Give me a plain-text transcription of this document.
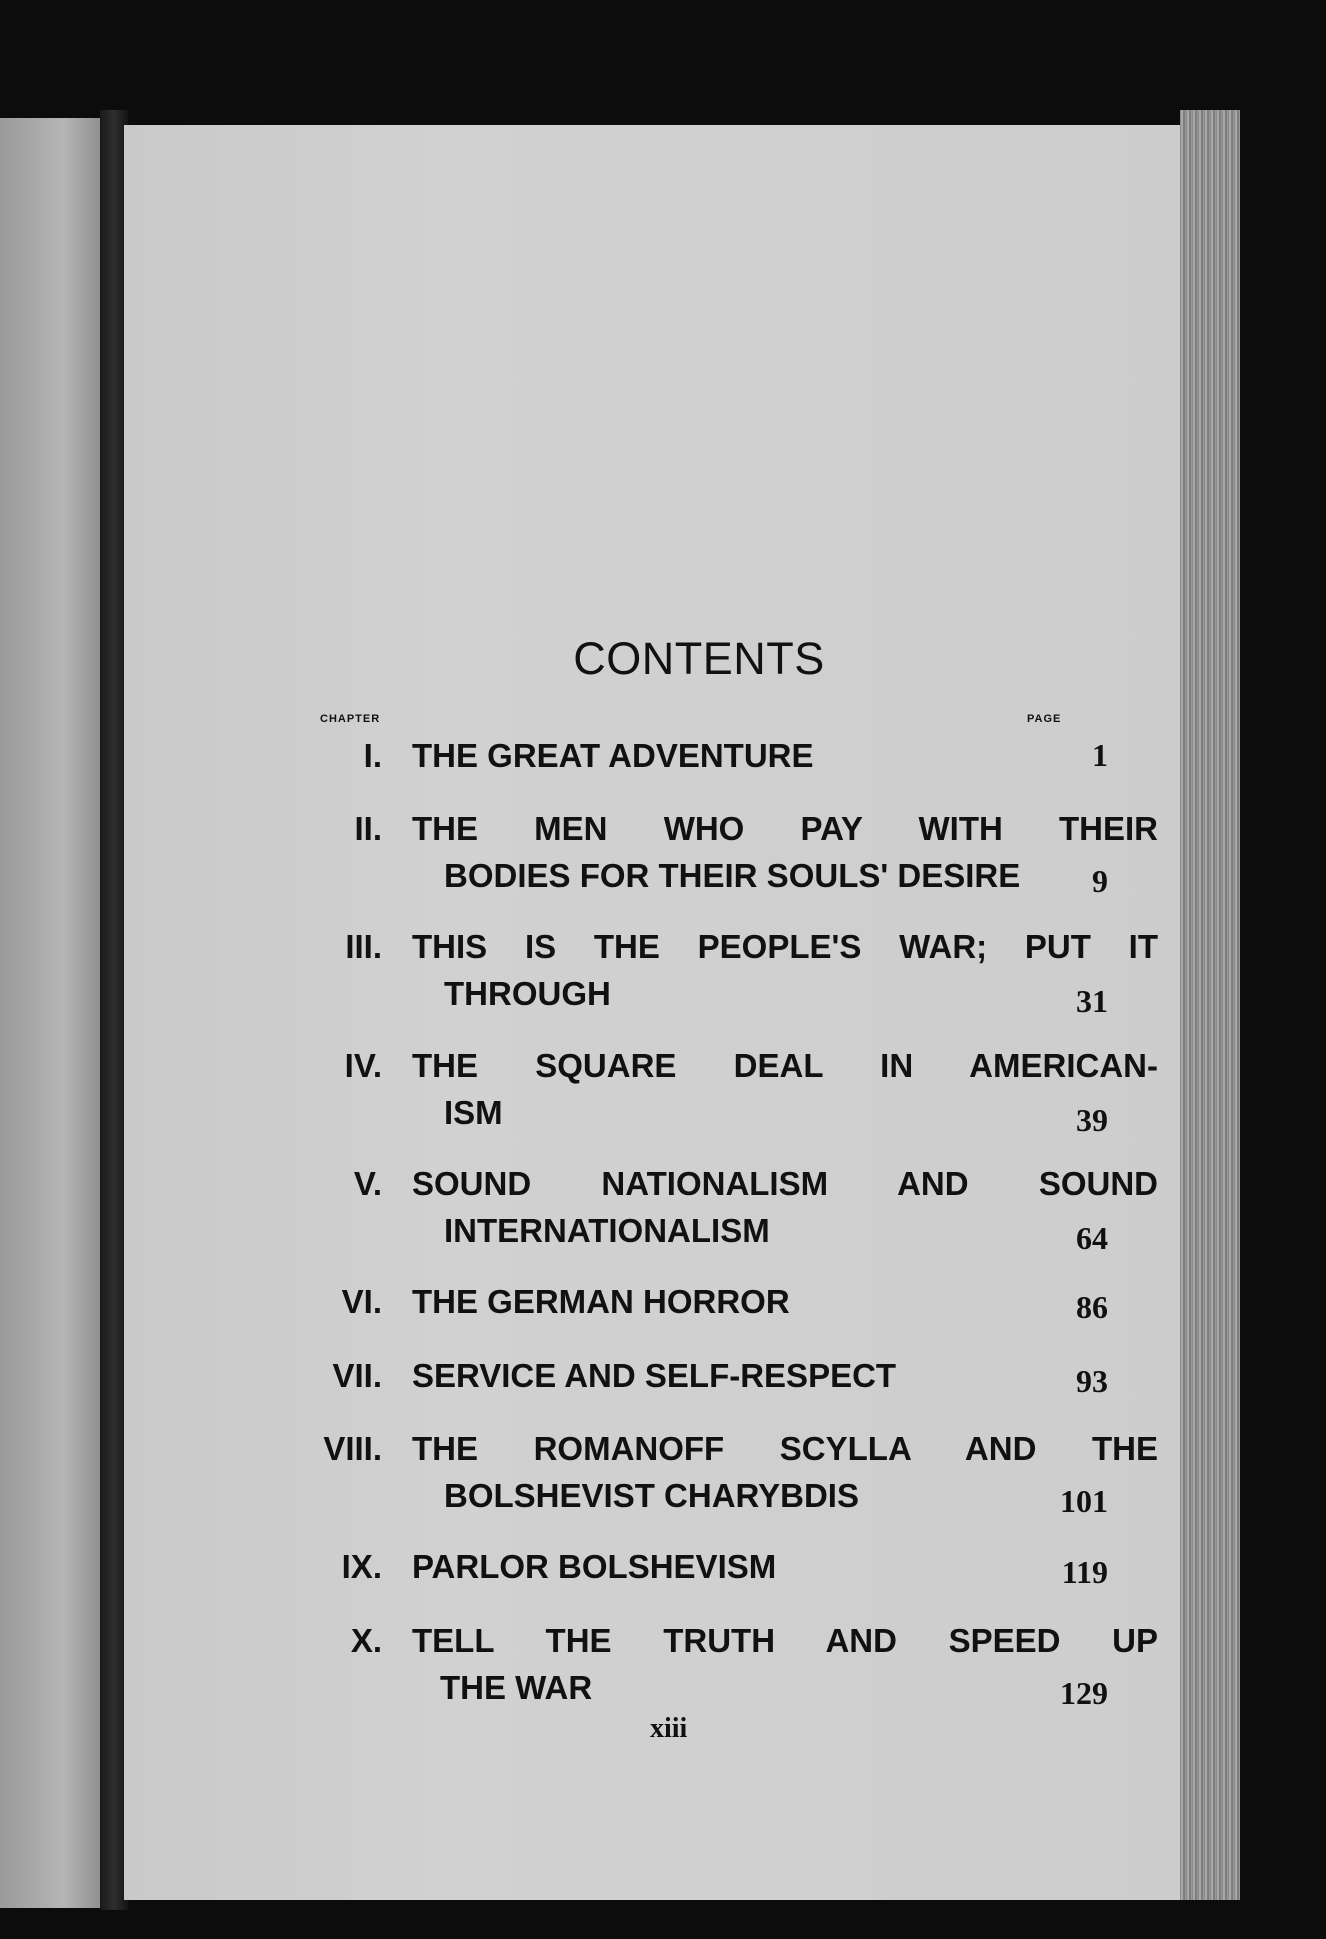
CONTENTS
CHAPTER	PAGE
I. THE GREAT ADVENTURE	1
II. THE MEN WHO PAY WITH THEIR
BODIES FOR THEIR SOULS' DESIRE	9
III. THIS IS THE PEOPLE'S WAR; PUT IT
THROUGH	31
IV. THE SQUARE DEAL IN AMERICAN-
ISM	39
V. SOUND NATIONALISM AND SOUND
INTERNATIONALISM	64
VI. THE GERMAN HORROR	86
VII. SERVICE AND SELF-RESPECT	93
VIII. THE ROMANOFF SCYLLA AND THE
BOLSHEVIST CHARYBDIS	101
IX. PARLOR BOLSHEVISM	119
X. TELL THE TRUTH AND SPEED UP
THE WAR	129
xiii
